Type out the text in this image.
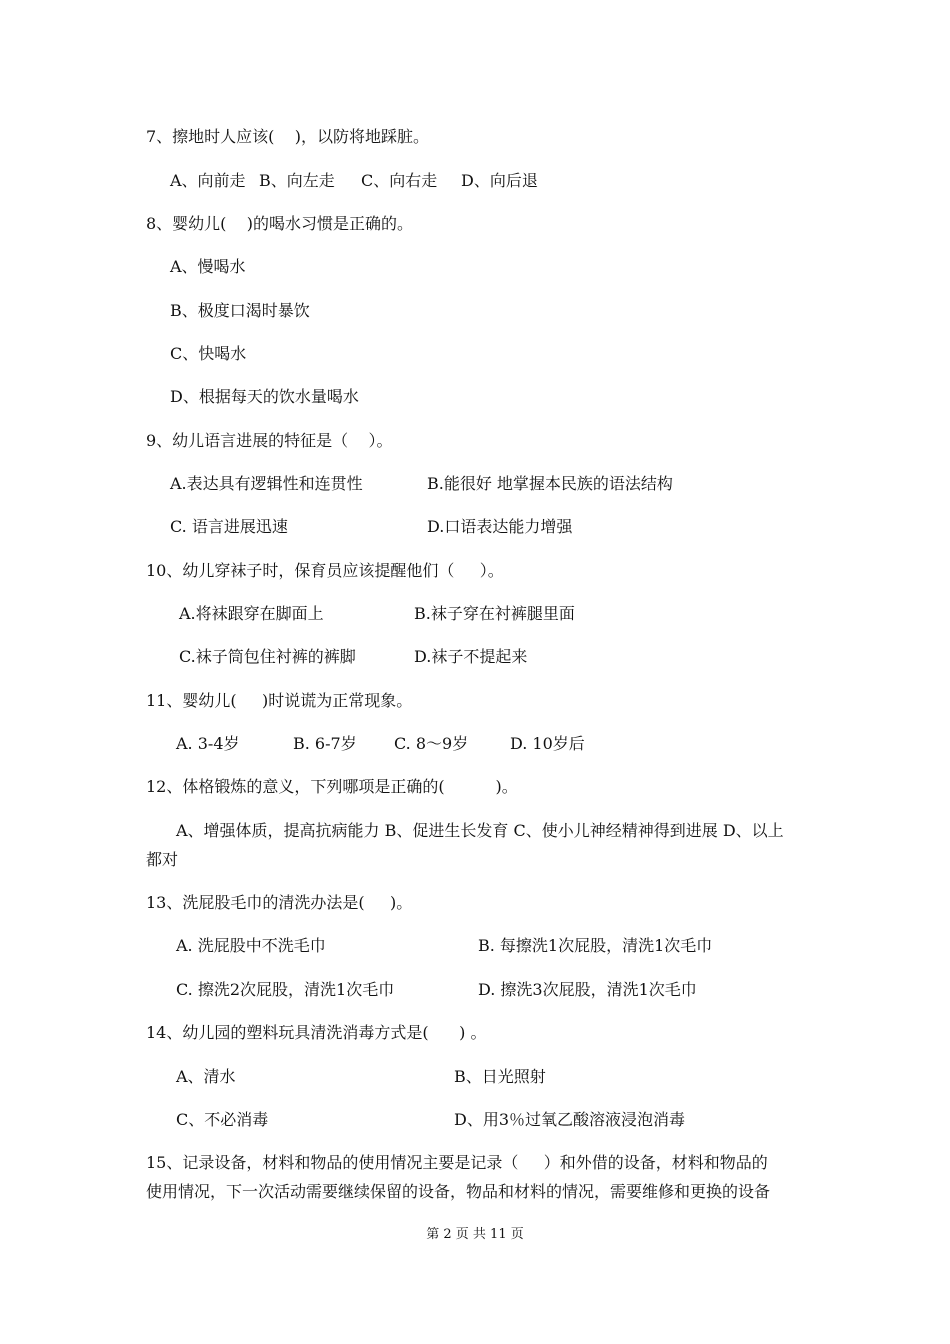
7、擦地时人应该(    )，以防将地踩脏。

A、向前走

B、向左走

C、向右走

D、向后退

8、婴幼儿(    )的喝水习惯是正确的。
A、慢喝水
B、极度口渴时暴饮
C、快喝水
D、根据每天的饮水量喝水
9、幼儿语言进展的特征是（    ）。

A.表达具有逻辑性和连贯性

	B.能很好 地掌握本民族的语法结构

C. 语言进展迅速

	D.口语表达能力增强

10、幼儿穿袜子时，保育员应该提醒他们（     ）。

A.将袜跟穿在脚面上

	B.袜子穿在衬裤腿里面

C.袜子筒包住衬裤的裤脚

	D.袜子不提起来

11、婴幼儿(     )时说谎为正常现象。

A. 3-4岁

	B. 6-7岁

C. 8～9岁

	D. 10岁后

12、体格锻炼的意义，下列哪项是正确的(          )。
A、增强体质，提高抗病能力 B、促进生长发育 C、使小儿神经精神得到进展 D、以上
都对
13、洗屁股毛巾的清洗办法是(     )。

A. 洗屁股中不洗毛巾

	B. 每擦洗1次屁股，清洗1次毛巾

C. 擦洗2次屁股，清洗1次毛巾

	D. 擦洗3次屁股，清洗1次毛巾

14、幼儿园的塑料玩具清洗消毒方式是(      ) 。

A、清水

	B、日光照射

C、不必消毒

	D、用3％过氧乙酸溶液浸泡消毒

15、记录设备，材料和物品的使用情况主要是记录（     ）和外借的设备，材料和物品的
使用情况，下一次活动需要继续保留的设备，物品和材料的情况，需要维修和更换的设备
第 2 页 共 11 页
